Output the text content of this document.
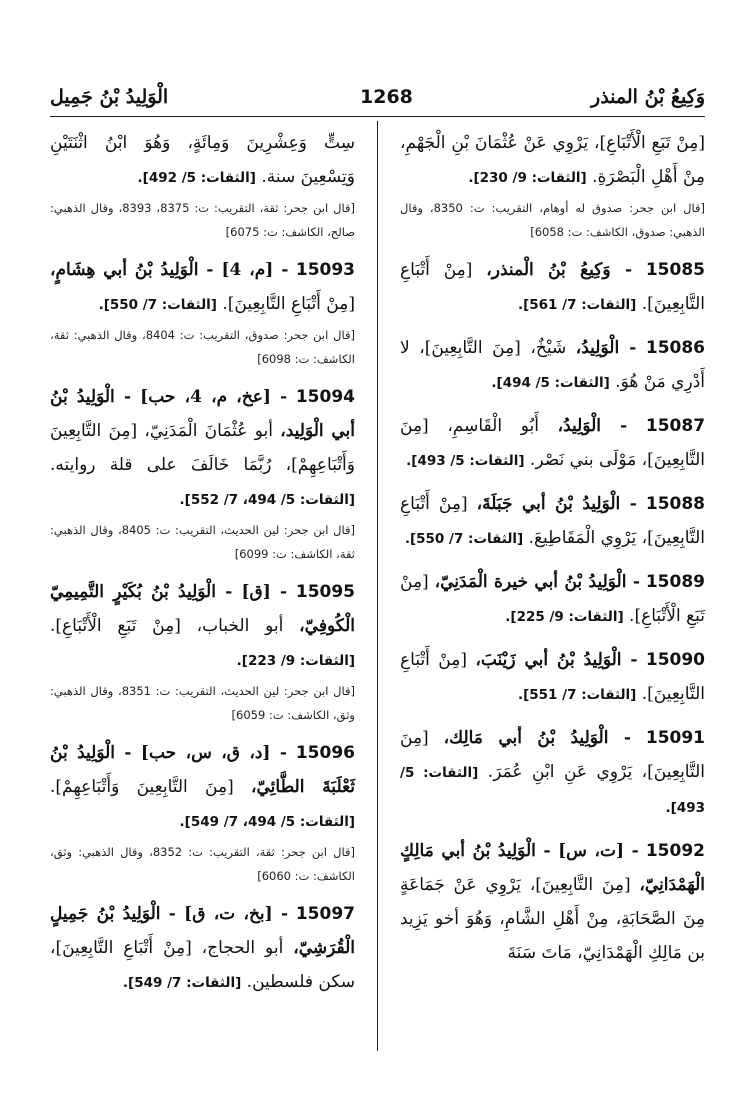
وَكِيعُ بْنُ المنذر
1268
الْوَلِيدُ بْنُ جَمِيل
[مِنْ تَبَعِ الْأَتْبَاعِ]، يَرْوِي عَنْ عُثْمَانَ بْنِ الْجَهْمِ، مِنْ أَهْلِ الْبَصْرَةِ. [الثقات: 9/ 230].
[قال ابن جحر: صدوق له أوهام، التقريب: ت: 8350، وقال الذهبي: صدوق، الكاشف: ت: 6058]
15085 - وَكِيعُ بْنُ الْمنذر، [مِنْ أَتْبَاعِ التَّابِعِينَ]. [الثقات: 7/ 561].
15086 - الْوَلِيدُ، شَيْخٌ، [مِنَ التَّابِعِينَ]، لا أَدْرِي مَنْ هُوَ. [الثقات: 5/ 494].
15087 - الْوَلِيدُ، أَبُو الْقَاسِمِ، [مِنَ التَّابِعِينَ]، مَوْلَى بني نَصْر. [الثقات: 5/ 493].
15088 - الْوَلِيدُ بْنُ أبي جَبَلَةَ، [مِنْ أَتْبَاعِ التَّابِعِينَ]، يَرْوِي الْمَقَاطِيعَ. [الثقات: 7/ 550].
15089 - الْوَلِيدُ بْنُ أبي خيرة الْمَدَنِيّ، [مِنْ تَبَعِ الْأَتْبَاعِ]. [الثقات: 9/ 225].
15090 - الْوَلِيدُ بْنُ أبي زَيْنَبَ، [مِنْ أَتْبَاعِ التَّابِعِينَ]. [الثقات: 7/ 551].
15091 - الْوَلِيدُ بْنُ أبي مَالِك، [مِنَ التَّابِعِينَ]، يَرْوِي عَنِ ابْنِ عُمَرَ. [الثقات: 5/ 493].
15092 - [ت، س] - الْوَلِيدُ بْنُ أبي مَالِكٍ الْهَمْدَانِيّ، [مِنَ التَّابِعِينَ]، يَرْوِي عَنْ جَمَاعَةٍ مِنَ الصَّحَابَةِ، مِنْ أَهْلِ الشَّامِ، وَهُوَ أخو يَزِيد بن مَالِكِ الْهَمْدَانِيّ، مَاتَ سَنَةَ
سِتٍّ وَعِشْرِينَ وَمِائَةٍ، وَهُوَ ابْنُ اثْنَتَيْنِ وَتِسْعِينَ سنة. [الثقات: 5/ 492].
[قال ابن جحر: ثقة، التقريب: ت: 8375، 8393، وقال الذهبي: صالح، الكاشف: ت: 6075]
15093 - [م، 4] - الْوَلِيدُ بْنُ أبي هِشَامٍ، [مِنْ أَتْبَاعِ التَّابِعِينَ]. [الثقات: 7/ 550].
[قال ابن جحر: صدوق، التقريب: ت: 8404، وقال الذهبي: ثقة، الكاشف: ت: 6098]
15094 - [عخ، م، 4، حب] - الْوَلِيدُ بْنُ أبي الْوَلِيد، أبو عُثْمَانَ الْمَدَنِيّ، [مِنَ التَّابِعِينَ وَأَتْبَاعِهِمْ]، رُبَّمَا خَالَفَ على قلة روايته. [الثقات: 5/ 494، 7/ 552].
[قال ابن جحر: لين الحديث، التقريب: ت: 8405، وقال الذهبي: ثقة، الكاشف: ت: 6099]
15095 - [ق] - الْوَلِيدُ بْنُ بُكَيْرٍ التَّمِيمِيّ الْكُوفِيّ، أبو الخباب، [مِنْ تَبَعِ الْأَتْبَاعِ]. [الثقات: 9/ 223].
[قال ابن جحر: لين الحديث، التقريب: ت: 8351، وقال الذهبي: وثق، الكاشف: ت: 6059]
15096 - [د، ق، س، حب] - الْوَلِيدُ بْنُ ثَعْلَبَةَ الطَّائِيّ، [مِنَ التَّابِعِينَ وَأَتْبَاعِهِمْ]. [الثقات: 5/ 494، 7/ 549].
[قال ابن جحر: ثقة، التقريب: ت: 8352، وقال الذهبي: وثق، الكاشف: ت: 6060]
15097 - [بخ، ت، ق] - الْوَلِيدُ بْنُ جَمِيلٍ الْقُرَشِيّ، أبو الحجاج، [مِنْ أَتْبَاعِ التَّابِعِينَ]، سكن فلسطين. [الثقات: 7/ 549].
